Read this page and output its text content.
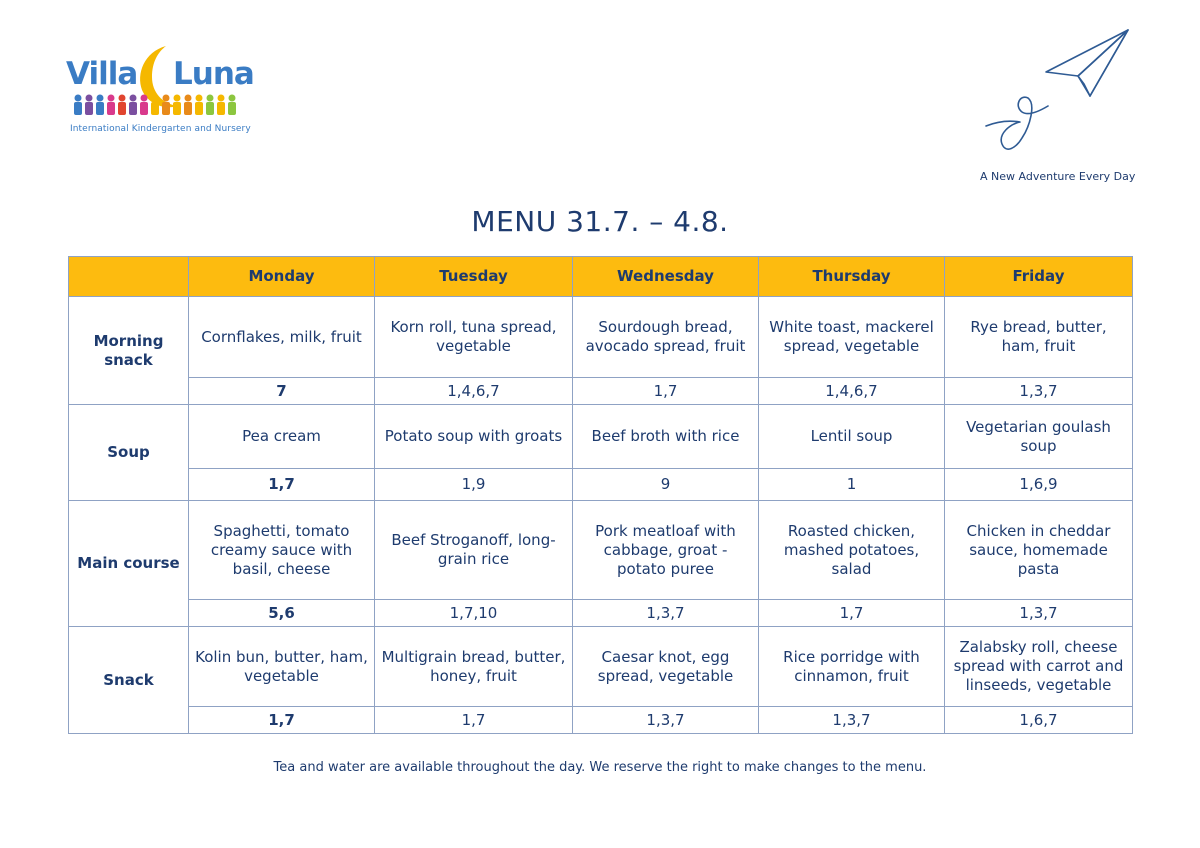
Villa Luna
International Kindergarten and Nursery
A New Adventure Every Day
MENU 31.7. – 4.8.
	Monday	Tuesday	Wednesday	Thursday	Friday
Morning snack	Cornflakes, milk, fruit	Korn roll, tuna spread, vegetable	Sourdough bread, avocado spread, fruit	White toast, mackerel spread, vegetable	Rye bread, butter, ham, fruit
	7	1,4,6,7	1,7	1,4,6,7	1,3,7
Soup	Pea cream	Potato soup with groats	Beef broth with rice	Lentil soup	Vegetarian goulash soup
	1,7	1,9	9	1	1,6,9
Main course	Spaghetti, tomato creamy sauce with basil, cheese	Beef Stroganoff, long-grain rice	Pork meatloaf with cabbage, groat - potato puree	Roasted chicken, mashed potatoes, salad	Chicken in cheddar sauce, homemade pasta
	5,6	1,7,10	1,3,7	1,7	1,3,7
Snack	Kolin bun, butter, ham, vegetable	Multigrain bread, butter, honey, fruit	Caesar knot, egg spread, vegetable	Rice porridge with cinnamon, fruit	Zalabsky roll, cheese spread with carrot and linseeds, vegetable
	1,7	1,7	1,3,7	1,3,7	1,6,7
Tea and water are available throughout the day. We reserve the right to make changes to the menu.
